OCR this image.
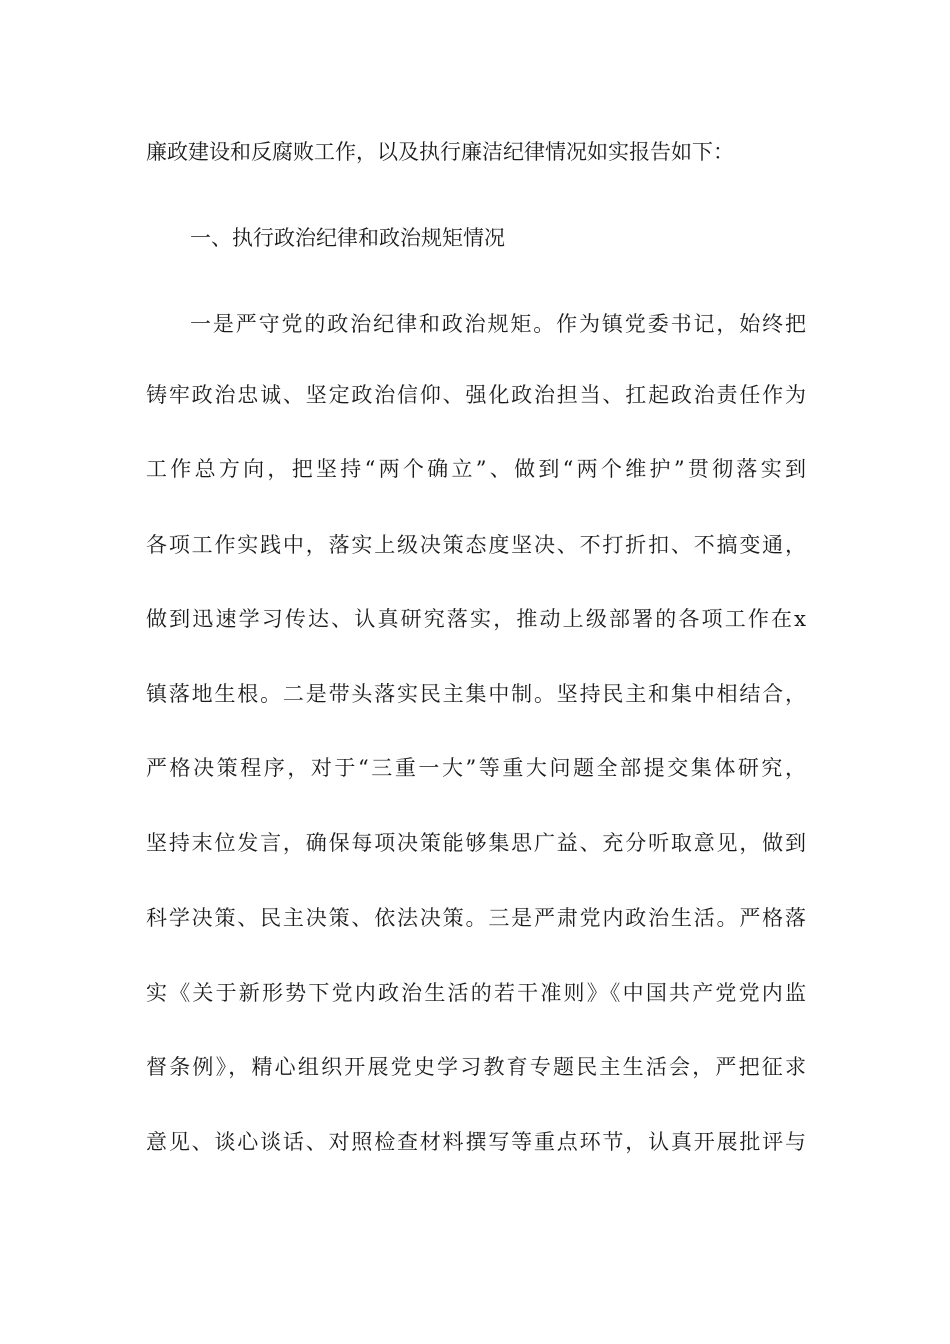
廉政建设和反腐败工作，以及执行廉洁纪律情况如实报告如下：
一、执行政治纪律和政治规矩情况
一是严守党的政治纪律和政治规矩。作为镇党委书记，始终把
铸牢政治忠诚、坚定政治信仰、强化政治担当、扛起政治责任作为
工作总方向，把坚持“两个确立”、做到“两个维护”贯彻落实到
各项工作实践中，落实上级决策态度坚决、不打折扣、不搞变通，
做到迅速学习传达、认真研究落实，推动上级部署的各项工作在x
镇落地生根。二是带头落实民主集中制。坚持民主和集中相结合，
严格决策程序，对于“三重一大”等重大问题全部提交集体研究，
坚持末位发言，确保每项决策能够集思广益、充分听取意见，做到
科学决策、民主决策、依法决策。三是严肃党内政治生活。严格落
实《关于新形势下党内政治生活的若干准则》《中国共产党党内监
督条例》，精心组织开展党史学习教育专题民主生活会，严把征求
意见、谈心谈话、对照检查材料撰写等重点环节，认真开展批评与
